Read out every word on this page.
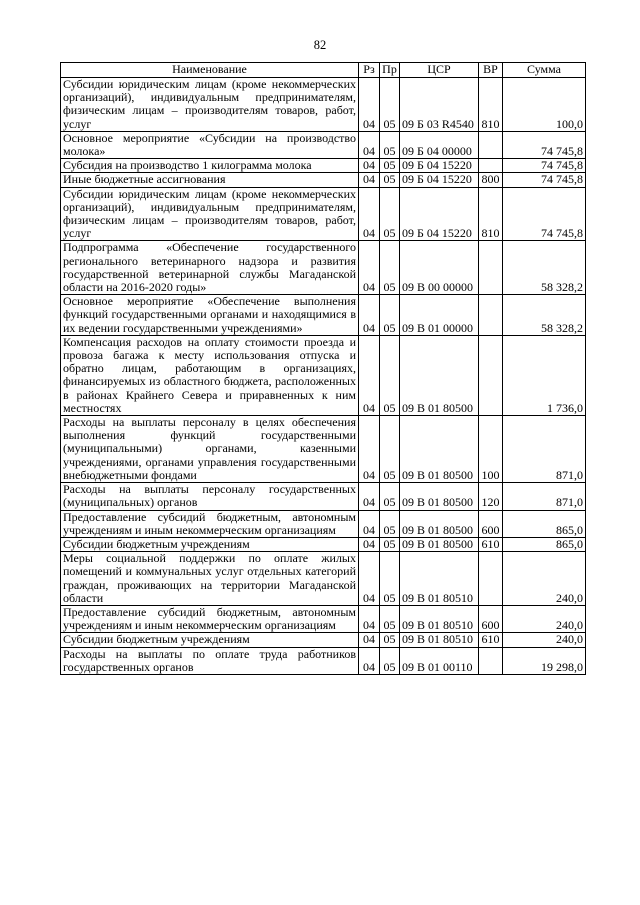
82
Наименование	Рз	Пр	ЦСР	ВР	Сумма
Субсидии юридическим лицам (кроме некоммерческих организаций), индивидуальным предпринимателям, физическим лицам – производителям товаров, работ, услуг	04	05	09 Б 03 R4540	810	100,0
Основное мероприятие «Субсидии на производство молока»	04	05	09 Б 04 00000		74 745,8
Субсидия на производство 1 килограмма молока	04	05	09 Б 04 15220		74 745,8
Иные бюджетные ассигнования	04	05	09 Б 04 15220	800	74 745,8
Субсидии юридическим лицам (кроме некоммерческих организаций), индивидуальным предпринимателям, физическим лицам – производителям товаров, работ, услуг	04	05	09 Б 04 15220	810	74 745,8
Подпрограмма «Обеспечение государственного регионального ветеринарного надзора и развития государственной ветеринарной службы Магаданской области на 2016-2020 годы»	04	05	09 В 00 00000		58 328,2
Основное мероприятие «Обеспечение выполнения функций государственными органами и находящимися в их ведении государственными учреждениями»	04	05	09 В 01 00000		58 328,2
Компенсация расходов на оплату стоимости проезда и провоза багажа к месту использования отпуска и обратно лицам, работающим в организациях, финансируемых из областного бюджета, расположенных в районах Крайнего Севера и приравненных к ним местностях	04	05	09 В 01 80500		1 736,0
Расходы на выплаты персоналу в целях обеспечения выполнения функций государственными (муниципальными) органами, казенными учреждениями, органами управления государственными внебюджетными фондами	04	05	09 В 01 80500	100	871,0
Расходы на выплаты персоналу государственных (муниципальных) органов	04	05	09 В 01 80500	120	871,0
Предоставление субсидий бюджетным, автономным учреждениям и иным некоммерческим организациям	04	05	09 В 01 80500	600	865,0
Субсидии бюджетным учреждениям	04	05	09 В 01 80500	610	865,0
Меры социальной поддержки по оплате жилых помещений и коммунальных услуг отдельных категорий граждан, проживающих на территории Магаданской области	04	05	09 В 01 80510		240,0
Предоставление субсидий бюджетным, автономным учреждениям и иным некоммерческим организациям	04	05	09 В 01 80510	600	240,0
Субсидии бюджетным учреждениям	04	05	09 В 01 80510	610	240,0
Расходы на выплаты по оплате труда работников государственных органов	04	05	09 В 01 00110		19 298,0
